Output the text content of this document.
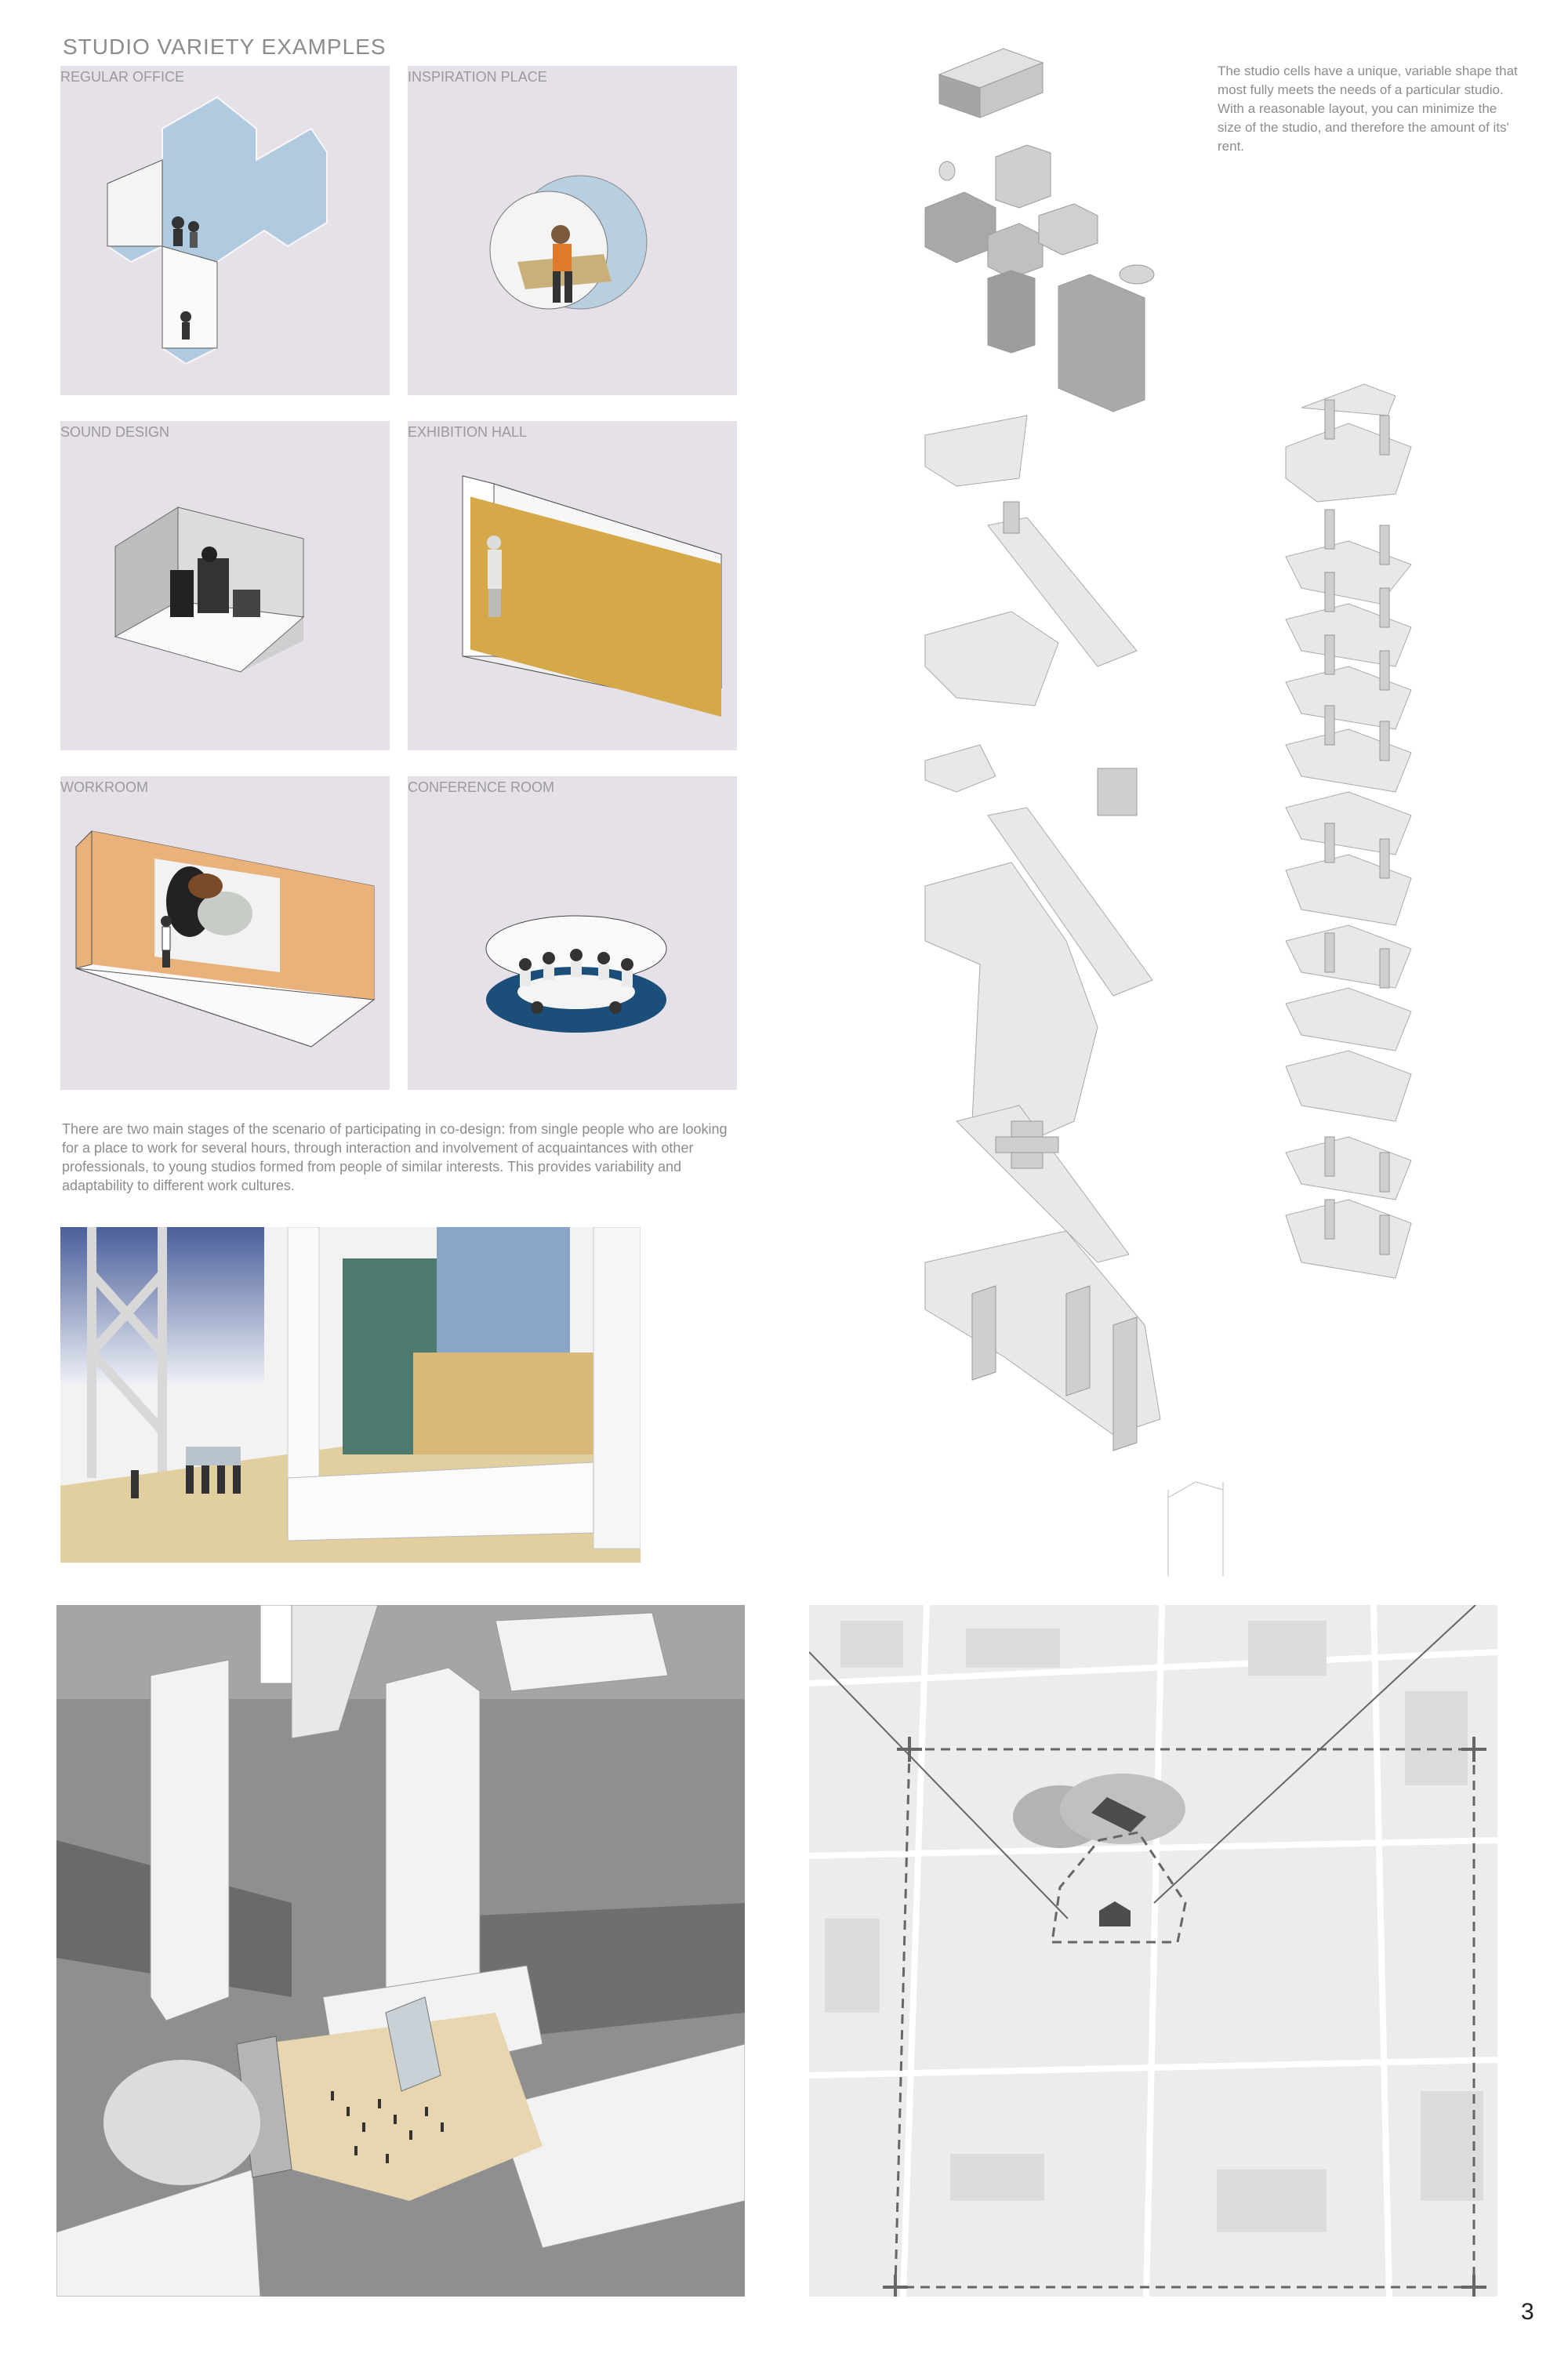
STUDIO VARIETY EXAMPLES
REGULAR OFFICE	INSPIRATION PLACE
SOUND DESIGN	EXHIBITION HALL
WORKROOM	CONFERENCE ROOM
There are two main stages of the scenario of participating in co-design: from single people who are looking for a place to work for several hours, through interaction and involvement of acquaintances with other professionals, to young studios formed from people of similar interests. This provides variability and adaptability to different work cultures.
The studio cells have a unique, variable shape that most fully meets the needs of a particular studio. With a reasonable layout, you can minimize the size of the studio, and therefore the amount of its' rent.
3
